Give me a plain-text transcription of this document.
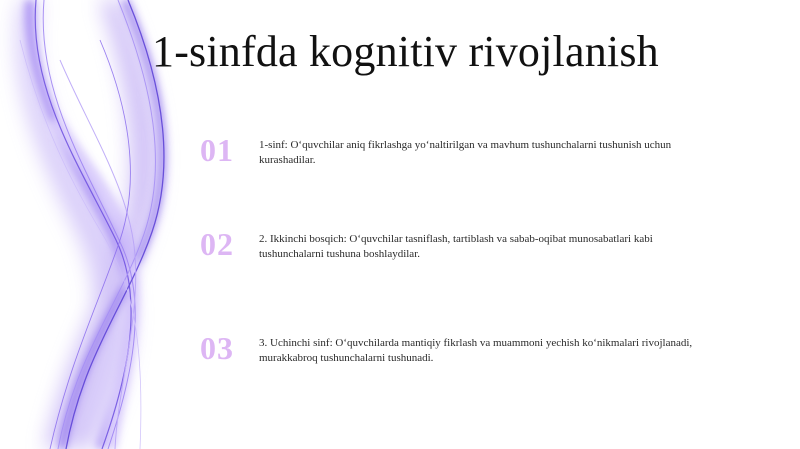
1-sinfda kognitiv rivojlanish
01	1-sinf: O‘quvchilar aniq fikrlashga yo‘naltirilgan va mavhum tushunchalarni tushunish uchun kurashadilar.
02	2. Ikkinchi bosqich: O‘quvchilar tasniflash, tartiblash va sabab-oqibat munosabatlari kabi tushunchalarni tushuna boshlaydilar.
03	3. Uchinchi sinf: O‘quvchilarda mantiqiy fikrlash va muammoni yechish ko‘nikmalari rivojlanadi, murakkabroq tushunchalarni tushunadi.
